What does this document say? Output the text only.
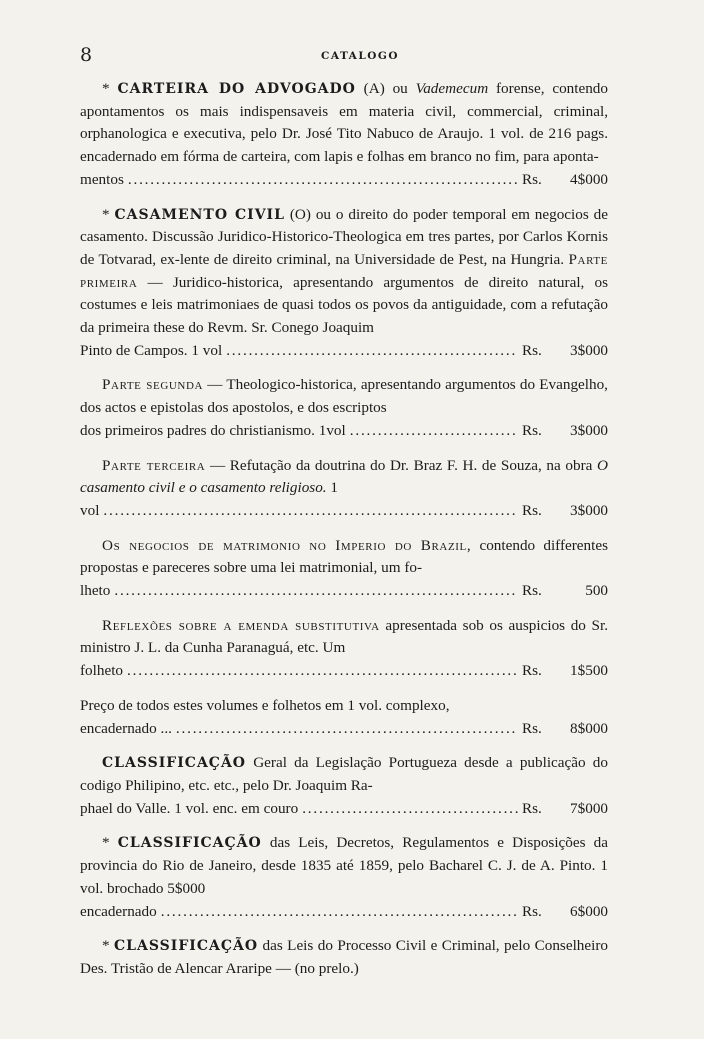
8	CATALOGO

* CARTEIRA DO ADVOGADO (A) ou Vademecum forense, contendo apontamentos os mais indispensaveis em materia civil, commercial, criminal, orphanologica e executiva, pelo Dr. José Tito Nabuco de Araujo. 1 vol. de 216 pags. encadernado em fórma de carteira, com lapis e folhas em branco no fim, para aponta-

mentos . . .	Rs.	4$000

* CASAMENTO CIVIL (O) ou o direito do poder temporal em negocios de casamento. Discussão Juridico-Historico-Theologica em tres partes, por Carlos Kornis de Totvarad, ex-lente de direito criminal, na Universidade de Pest, na Hungria. Parte primeira — Juridico-historica, apresentando argumentos de direito natural, os costumes e leis matrimoniaes de quasi todos os povos da antiguidade, com a refutação da primeira these do Revm. Sr. Conego Joaquim

Pinto de Campos. 1 vol . . .	Rs.	3$000

Parte segunda — Theologico-historica, apresentando argumentos do Evangelho, dos actos e epistolas dos apostolos, e dos escriptos

dos primeiros padres do christianismo. 1vol . . .	Rs.	3$000

Parte terceira — Refutação da doutrina do Dr. Braz F. H. de Souza, na obra O casamento civil e o casamento religioso. 1

vol . . .	Rs.	3$000

Os negocios de matrimonio no Imperio do Brazil, contendo differentes propostas e pareceres sobre uma lei matrimonial, um fo-

lheto . . .	Rs.	500

Reflexões sobre a emenda substitutiva apresentada sob os auspicios do Sr. ministro J. L. da Cunha Paranaguá, etc. Um

folheto . . .	Rs.	1$500

Preço de todos estes volumes e folhetos em 1 vol. complexo,

encadernado ... . . .	Rs.	8$000

CLASSIFICAÇÃO Geral da Legislação Portugueza desde a publicação do codigo Philipino, etc. etc., pelo Dr. Joaquim Ra-

phael do Valle. 1 vol. enc. em couro . . .	Rs.	7$000

* CLASSIFICAÇÃO das Leis, Decretos, Regulamentos e Disposições da provincia do Rio de Janeiro, desde 1835 até 1859, pelo Bacharel C. J. de A. Pinto. 1 vol. brochado 5$000

encadernado . . .	Rs.	6$000

* CLASSIFICAÇÃO das Leis do Processo Civil e Criminal, pelo Conselheiro Des. Tristão de Alencar Araripe — (no prelo.)
